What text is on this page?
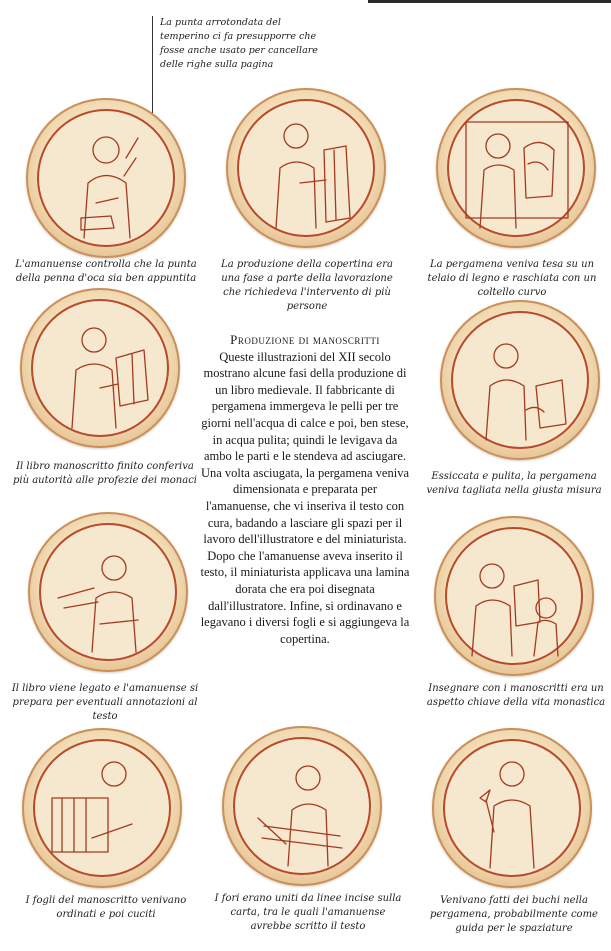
La punta arrotondata del temperino ci fa presupporre che fosse anche usato per cancellare delle righe sulla pagina
L'amanuense controlla che la punta della penna d'oca sia ben appuntita
La produzione della copertina era una fase a parte della lavorazione che richiedeva l'intervento di più persone
La pergamena veniva tesa su un telaio di legno e raschiata con un coltello curvo
Il libro manoscritto finito conferiva più autorità alle profezie dei monaci	Essiccata e pulita, la pergamena veniva tagliata nella giusta misura
Produzione di manoscritti
Queste illustrazioni del XII secolo mostrano alcune fasi della produzione di un libro medievale. Il fabbricante di pergamena immergeva le pelli per tre giorni nell'acqua di calce e poi, ben stese, in acqua pulita; quindi le levigava da ambo le parti e le stendeva ad asciugare. Una volta asciugata, la pergamena veniva dimensionata e preparata per l'amanuense, che vi inseriva il testo con cura, badando a lasciare gli spazi per il lavoro dell'illustratore e del miniaturista. Dopo che l'amanuense aveva inserito il testo, il miniaturista applicava una lamina dorata che era poi disegnata dall'illustratore. Infine, si ordinavano e legavano i diversi fogli e si aggiungeva la copertina.
Il libro viene legato e l'amanuense si prepara per eventuali annotazioni al testo
Insegnare con i manoscritti era un aspetto chiave della vita monastica
I fogli del manoscritto venivano ordinati e poi cuciti
I fori erano uniti da linee incise sulla carta, tra le quali l'amanuense avrebbe scritto il testo
Venivano fatti dei buchi nella pergamena, probabilmente come guida per le spaziature
